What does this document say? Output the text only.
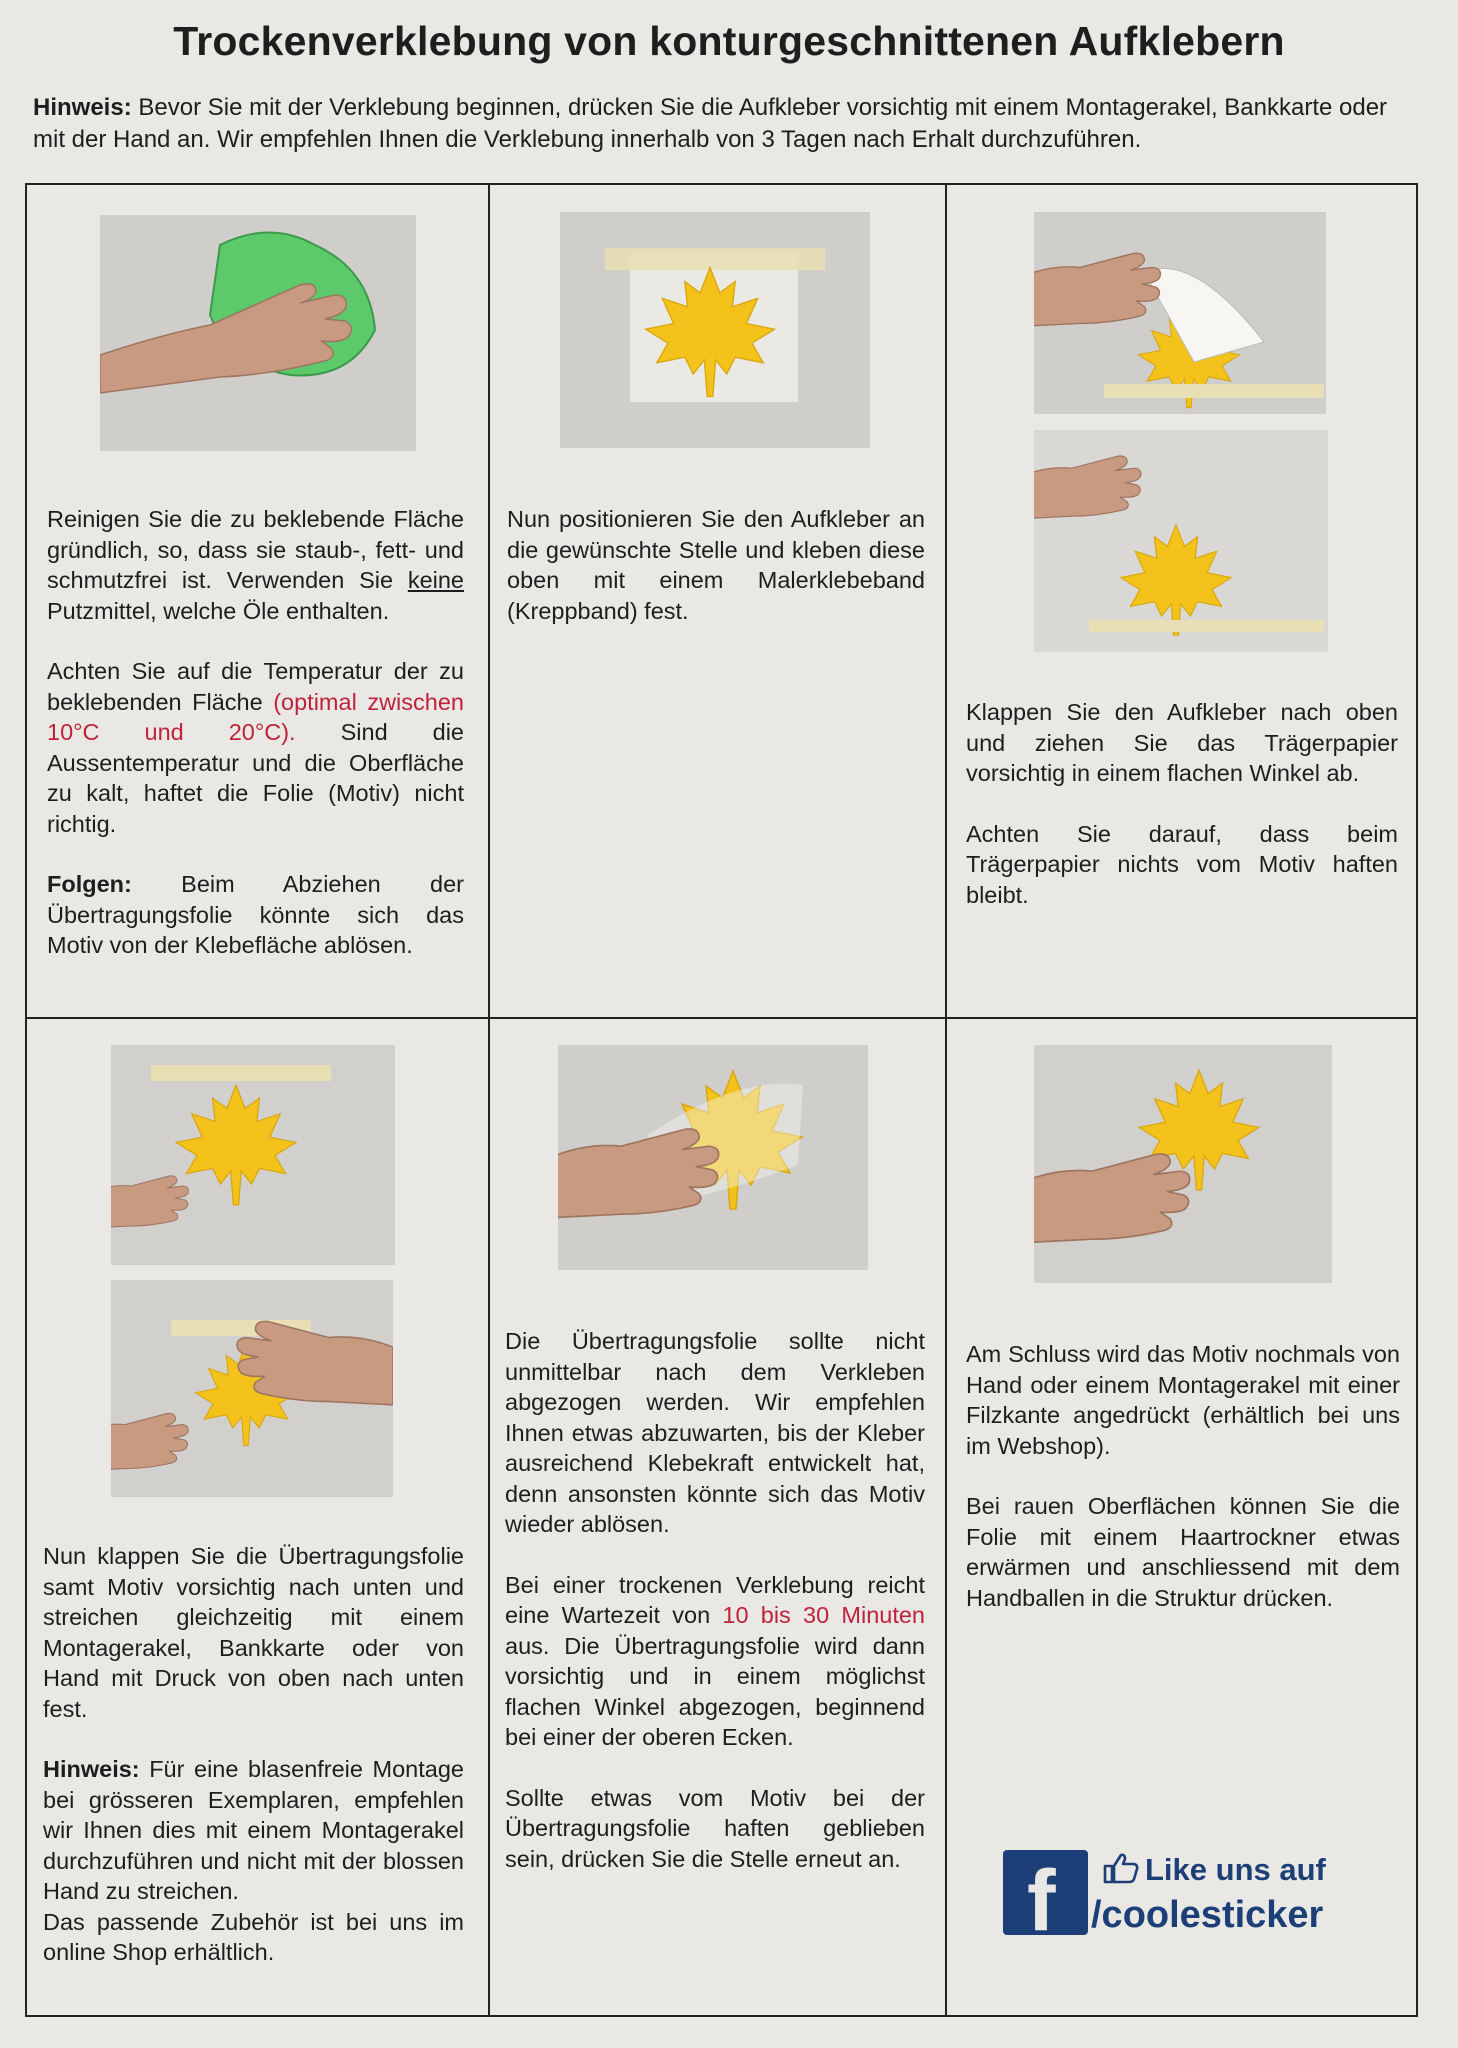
Trockenverklebung von konturgeschnittenen Aufklebern
Hinweis: Bevor Sie mit der Verklebung beginnen, drücken Sie die Aufkleber vorsichtig mit einem Montagerakel, Bankkarte oder mit der Hand an. Wir empfehlen Ihnen die Verklebung innerhalb von 3 Tagen nach Erhalt durchzuführen.

Reinigen Sie die zu beklebende Fläche gründlich, so, dass sie staub-, fett- und schmutzfrei ist. Verwenden Sie keine Putzmittel, welche Öle enthalten.

Achten Sie auf die Temperatur der zu beklebenden Fläche (optimal zwischen 10°C und 20°C). Sind die Aussentemperatur und die Oberfläche zu kalt, haftet die Folie (Motiv) nicht richtig.

Folgen: Beim Abziehen der Übertragungsfolie könnte sich das Motiv von der Klebefläche ablösen.

Nun positionieren Sie den Aufkleber an die gewünschte Stelle und kleben diese oben mit einem Malerklebeband (Kreppband) fest.

Klappen Sie den Aufkleber nach oben und ziehen Sie das Trägerpapier vorsichtig in einem flachen Winkel ab.

Achten Sie darauf, dass beim Trägerpapier nichts vom Motiv haften bleibt.

Nun klappen Sie die Übertragungsfolie samt Motiv vorsichtig nach unten und streichen gleichzeitig mit einem Montagerakel, Bankkarte oder von Hand mit Druck von oben nach unten fest.

Hinweis: Für eine blasenfreie Montage bei grösseren Exemplaren, empfehlen wir Ihnen dies mit einem Montagerakel durchzuführen und nicht mit der blossen Hand zu streichen.

Das passende Zubehör ist bei uns im online Shop erhältlich.

Die Übertragungsfolie sollte nicht unmittelbar nach dem Verkleben abgezogen werden. Wir empfehlen Ihnen etwas abzuwarten, bis der Kleber ausreichend Klebekraft entwickelt hat, denn ansonsten könnte sich das Motiv wieder ablösen.

Bei einer trockenen Verklebung reicht eine Wartezeit von 10 bis 30 Minuten aus. Die Übertragungsfolie wird dann vorsichtig und in einem möglichst flachen Winkel abgezogen, beginnend bei einer der oberen Ecken.

Sollte etwas vom Motiv bei der Übertragungsfolie haften geblieben sein, drücken Sie die Stelle erneut an.

Am Schluss wird das Motiv nochmals von Hand oder einem Montagerakel mit einer Filzkante angedrückt (erhältlich bei uns im Webshop).

Bei rauen Oberflächen können Sie die Folie mit einem Haartrockner etwas erwärmen und anschliessend mit dem Handballen in die Struktur drücken.

f	Like uns auf
/coolesticker
